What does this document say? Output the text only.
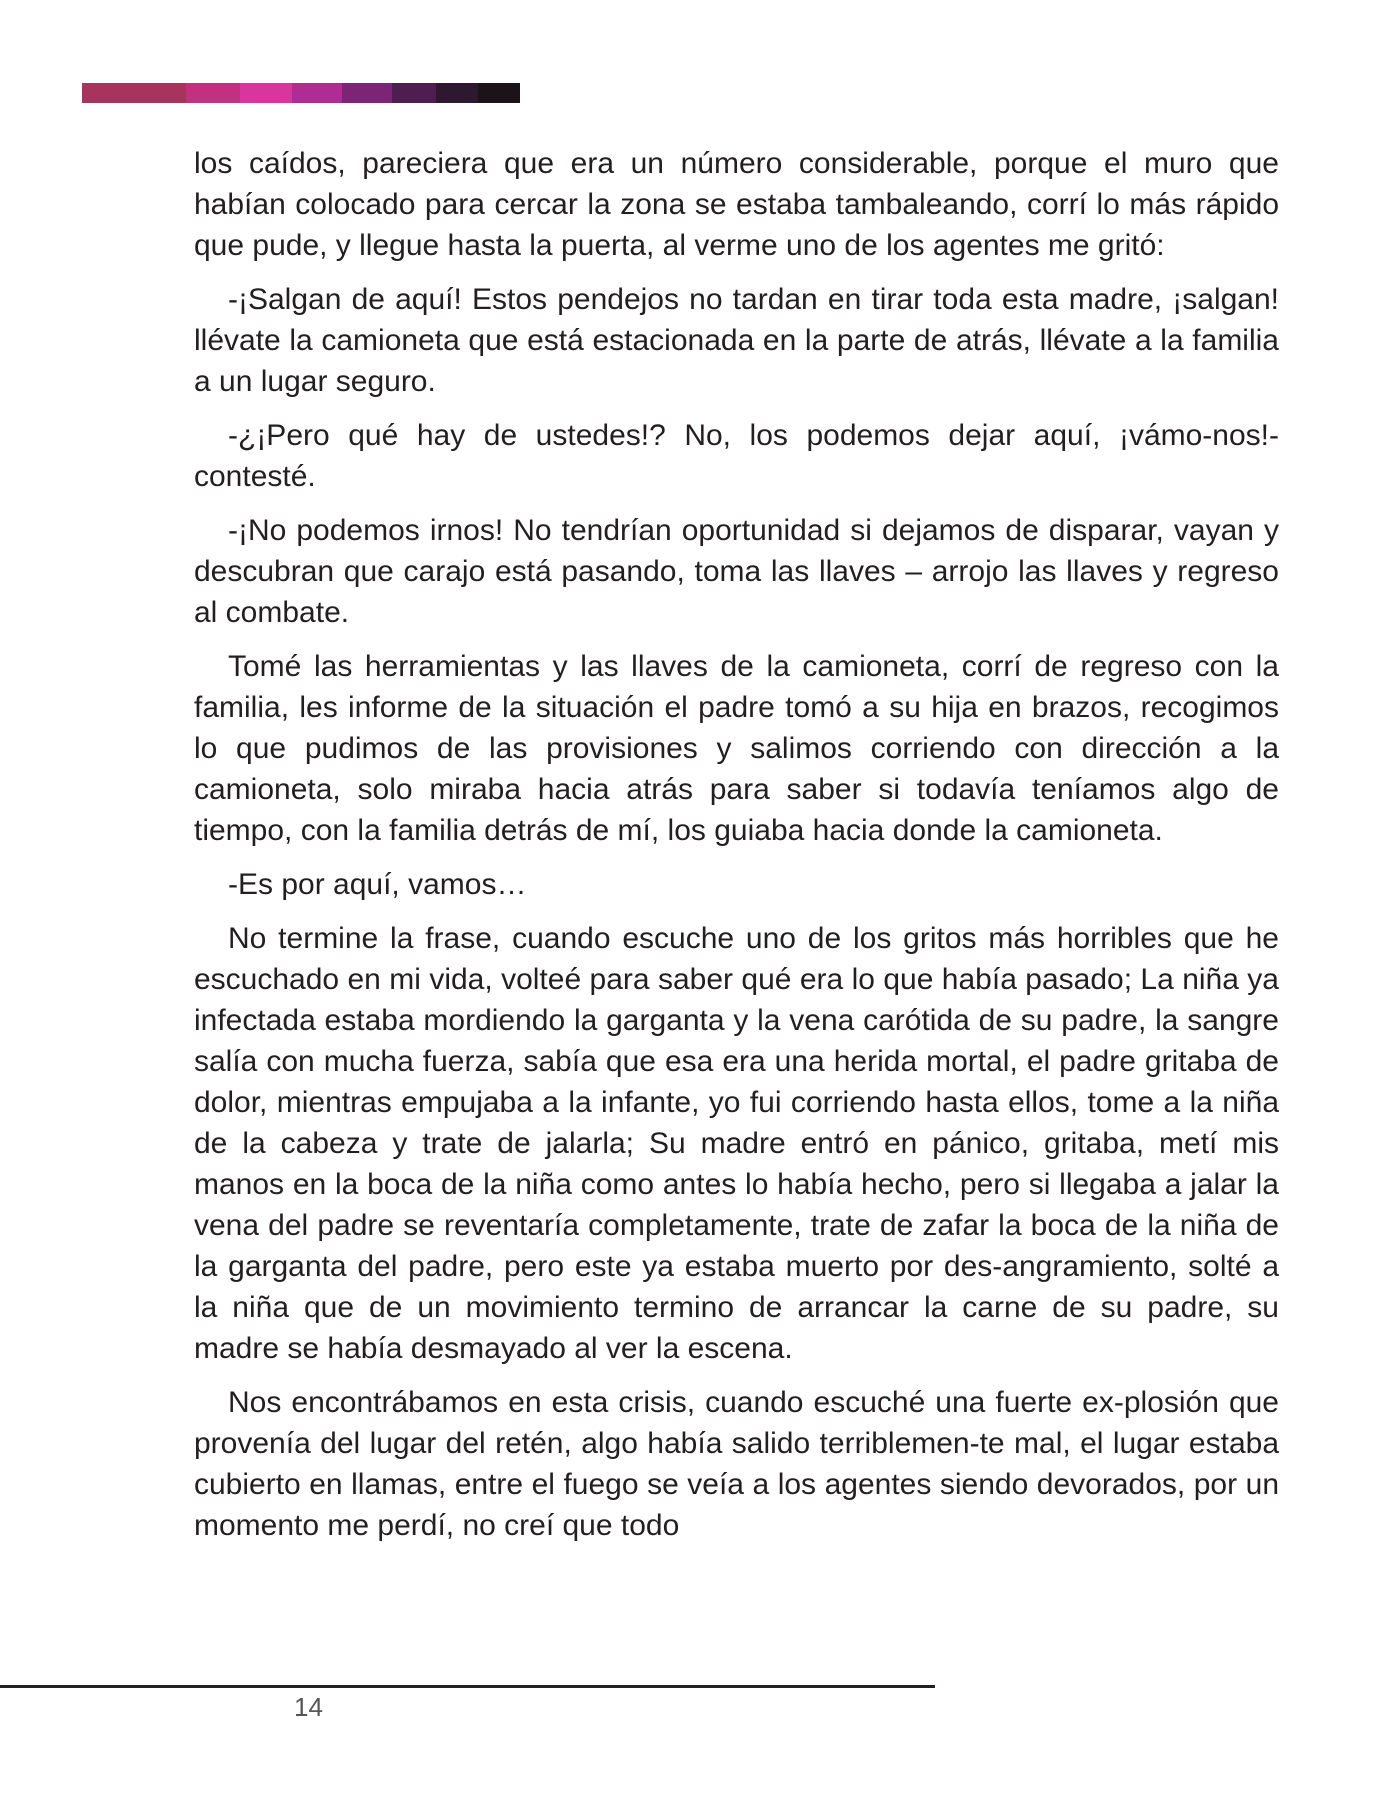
los caídos, pareciera que era un número considerable, porque el muro que habían colocado para cercar la zona se estaba tambaleando, corrí lo más rápido que pude, y llegue hasta la puerta, al verme uno de los agentes me gritó:

-¡Salgan de aquí! Estos pendejos no tardan en tirar toda esta madre, ¡salgan! llévate la camioneta que está estacionada en la parte de atrás, llévate a la familia a un lugar seguro.

-¿¡Pero qué hay de ustedes!? No, los podemos dejar aquí, ¡vámo-nos!-contesté.

-¡No podemos irnos! No tendrían oportunidad si dejamos de disparar, vayan y descubran que carajo está pasando, toma las llaves – arrojo las llaves y regreso al combate.

Tomé las herramientas y las llaves de la camioneta, corrí de regreso con la familia, les informe de la situación el padre tomó a su hija en brazos, recogimos lo que pudimos de las provisiones y salimos corriendo con dirección a la camioneta, solo miraba hacia atrás para saber si todavía teníamos algo de tiempo, con la familia detrás de mí, los guiaba hacia donde la camioneta.

-Es por aquí, vamos…

No termine la frase, cuando escuche uno de los gritos más horribles que he escuchado en mi vida, volteé para saber qué era lo que había pasado; La niña ya infectada estaba mordiendo la garganta y la vena carótida de su padre, la sangre salía con mucha fuerza, sabía que esa era una herida mortal, el padre gritaba de dolor, mientras empujaba a la infante, yo fui corriendo hasta ellos, tome a la niña de la cabeza y trate de jalarla; Su madre entró en pánico, gritaba, metí mis manos en la boca de la niña como antes lo había hecho, pero si llegaba a jalar la vena del padre se reventaría completamente, trate de zafar la boca de la niña de la garganta del padre, pero este ya estaba muerto por des-angramiento, solté a la niña que de un movimiento termino de arrancar la carne de su padre, su madre se había desmayado al ver la escena.

Nos encontrábamos en esta crisis, cuando escuché una fuerte ex-plosión que provenía del lugar del retén, algo había salido terriblemen-te mal, el lugar estaba cubierto en llamas, entre el fuego se veía a los agentes siendo devorados, por un momento me perdí, no creí que todo

14
